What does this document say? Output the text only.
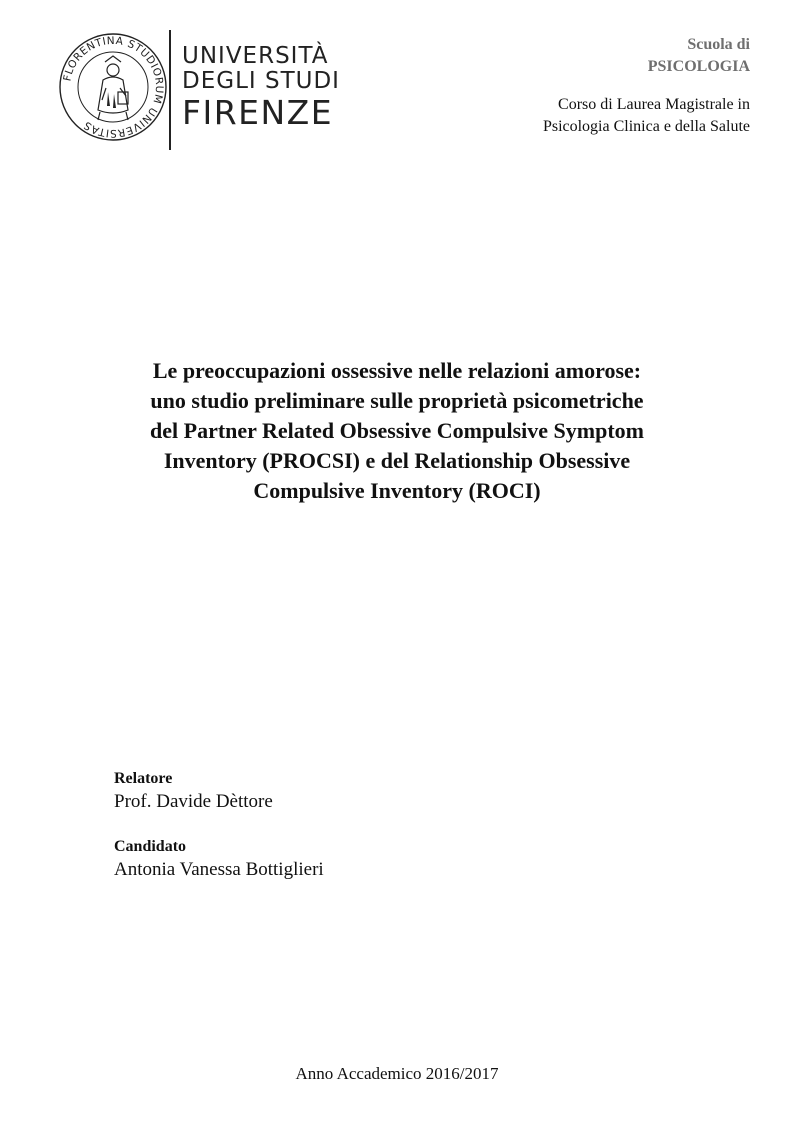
FLORENTINA STUDIORUM UNIVERSITAS
UNIVERSITÀ
DEGLI STUDI
FIRENZE
Scuola di
PSICOLOGIA
Corso di Laurea Magistrale in
Psicologia Clinica e della Salute
Le preoccupazioni ossessive nelle relazioni amorose:
uno studio preliminare sulle proprietà psicometriche
del Partner Related Obsessive Compulsive Symptom
Inventory (PROCSI) e del Relationship Obsessive
Compulsive Inventory (ROCI)
Relatore
Prof. Davide Dèttore
Candidato
Antonia Vanessa Bottiglieri
Anno Accademico 2016/2017
